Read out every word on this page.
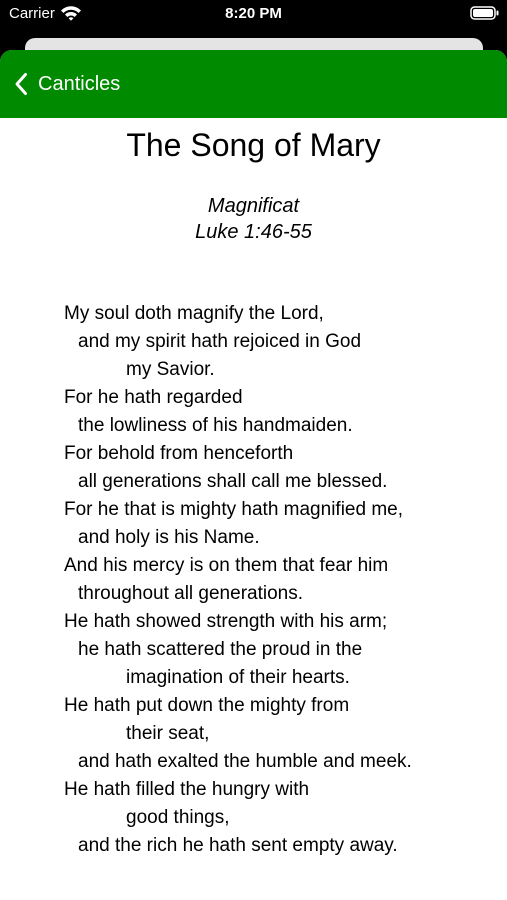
Carrier	8:20 PM
Canticles
The Song of Mary
Magnificat
Luke 1:46-55
My soul doth magnify the Lord,
and my spirit hath rejoiced in God
my Savior.
For he hath regarded
the lowliness of his handmaiden.
For behold from henceforth
all generations shall call me blessed.
For he that is mighty hath magnified me,
and holy is his Name.
And his mercy is on them that fear him
throughout all generations.
He hath showed strength with his arm;
he hath scattered the proud in the
imagination of their hearts.
He hath put down the mighty from
their seat,
and hath exalted the humble and meek.
He hath filled the hungry with
good things,
and the rich he hath sent empty away.
